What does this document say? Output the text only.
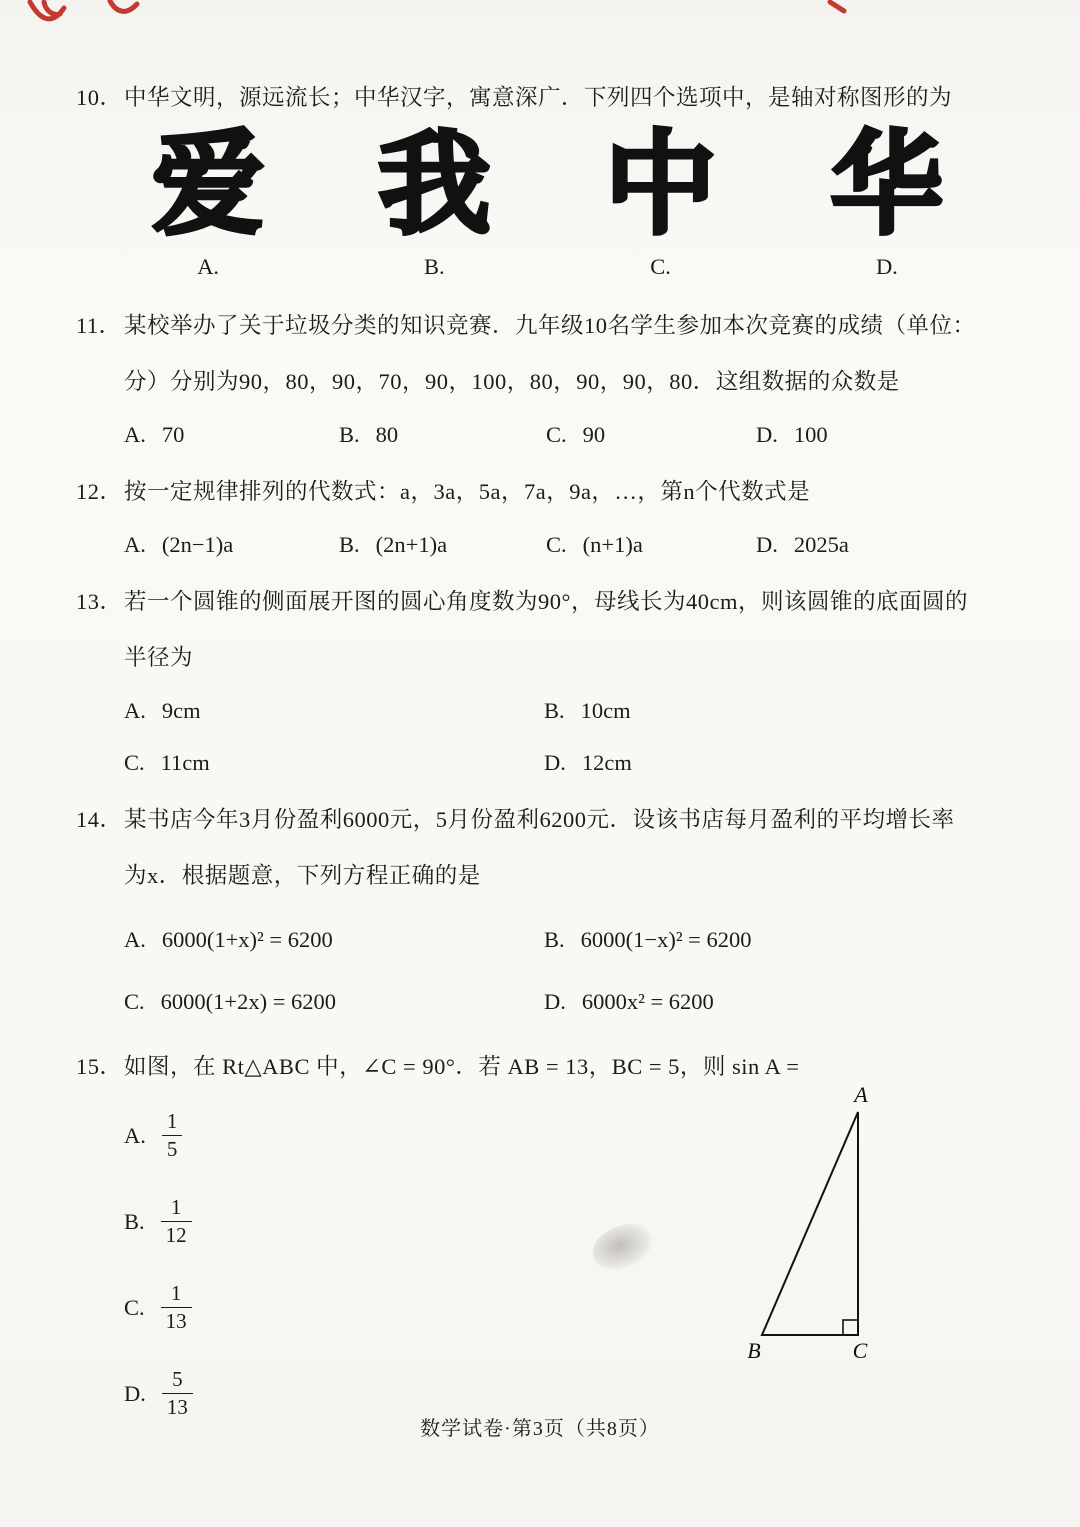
10． 中华文明，源远流长；中华汉字，寓意深广．下列四个选项中，是轴对称图形的为
爱
A.
我
B.
中
C.
华
D.
11． 某校举办了关于垃圾分类的知识竞赛．九年级10名学生参加本次竞赛的成绩（单位：
分）分别为90，80，90，70，90，100，80，90，90，80．这组数据的众数是
A. 70	B. 80	C. 90	D. 100
12． 按一定规律排列的代数式：a，3a，5a，7a，9a，…，第n个代数式是
A. (2n−1)a	B. (2n+1)a	C. (n+1)a	D. 2025a
13． 若一个圆锥的侧面展开图的圆心角度数为90°，母线长为40cm，则该圆锥的底面圆的
半径为
A. 9cm	B. 10cm
C. 11cm	D. 12cm
14． 某书店今年3月份盈利6000元，5月份盈利6200元．设该书店每月盈利的平均增长率
为x．根据题意，下列方程正确的是
A. 6000(1+x)² = 6200	B. 6000(1−x)² = 6200
C. 6000(1+2x) = 6200	D. 6000x² = 6200
15． 如图，在 Rt△ABC 中，∠C = 90°．若 AB = 13，BC = 5，则 sin A =
A. $\frac{1}{5}$
B. $\frac{1}{12}$
C. $\frac{1}{13}$
D. $\frac{5}{13}$
A
B	C
数学试卷·第3页（共8页）
